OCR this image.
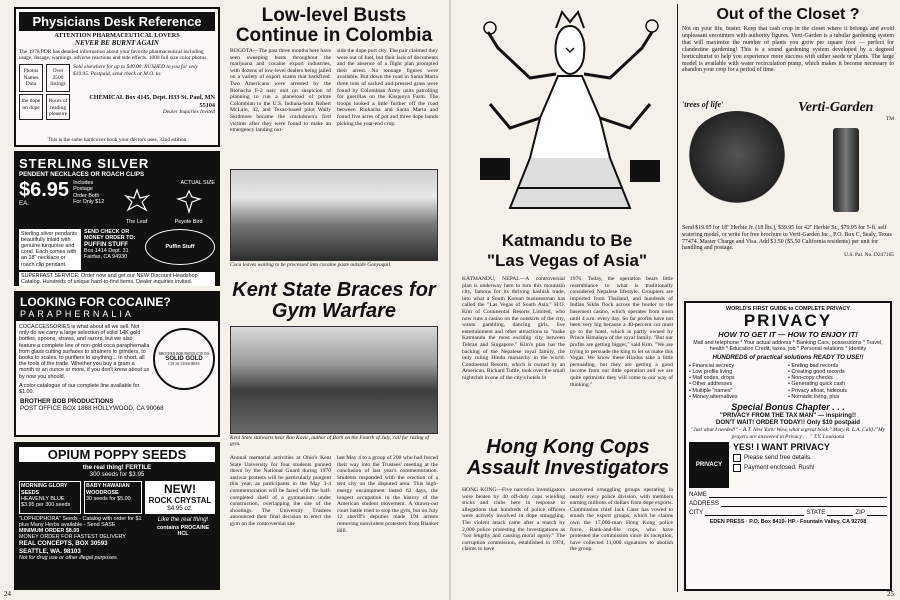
Physicians Desk Reference
ATTENTION PHARMACEUTICAL LOVERS
NEVER BE BURNT AGAIN
The 1978 PDR has detailed information about your favorite pharmaceutical including usage, dosage, warnings, adverse reactions and side effects. 1000 full size color photos.
Photos Names Data
Over 2500 listings
Sold elsewhere for up to $40.00, RUSHED to you for only $19.95. Postpaid, send check or M.O. to:
the dope on dope
Hours of reading pleasure
CHEMICAL Box 4145, Dept. H33 St. Paul, MN 55104
Dealer Inquiries Invited
This is the same hardcover book your doctors uses, 32nd edition
STERLING SILVER
PENDENT NECKLACES OR ROACH CLIPS
$6.95
EA.
Includes Postage Order Both For Only $12
ACTUAL SIZE
The Leaf	Peyote Bird
Sterling silver pendants beautifully inlaid with genuine turquoise and coral. Each comes with an 18" necklace or roach clip pendant.
SEND CHECK OR MONEY ORDER TO:
PUFFIN STUFF
Box 1414 Dept. 31 Fairfax, CA 94930
Puffin Stuff
SUPERFAST SERVICE: Order now and get our NEW Discount Headshop Catalog. Hundreds of unique hard-to-find items. Dealer inquiries invited.
LOOKING FOR COCAINE?
PARAPHERNALIA
COCACCESSORIES is what about all we sell. Not only do we carry a large selection of solid 14K gold bottles, spoons, straws, and razors, but we also feature a complete line of non-gold coca paraphernalia from glass cutting surfaces to strainers to grinders, to books to scales, to purifiers to anything... In short, all the tools of the trade. Whether you buy a gram a month or an ounce or more, if you don't know about us by now you should.
A color catalogue of our complete line available for $1.00.
BROTHER BOB PRODUCTIONS
SOLID GOLD
COCACCESSORIES
BROTHER BOB PRODUCTIONS
POST OFFICE BOX 1868 HOLLYWOOD, CA 90068
OPIUM POPPY SEEDS
the real thing! FERTILE
300 seeds for $3.95
MORNING GLORY SEEDS
HEAVENLY BLUE
$3.95 per 300 seeds
BABY HAWAIIAN WOODROSE
30 seeds for $5.00
NEW!
ROCK CRYSTAL
$4.95 oz.
"LOPHOPHORA" Seeds - Catalog with order for $1 plus Many Herbs available - Send SASE
MINIMUM ORDER $8.00
MONEY ORDER FOR FASTEST DELIVERY
REAL CONCEPTS, BOX 30593
SEATTLE, WA. 98103
Not for drug use or other illegal purposes.
Like the real thing!
contains PROCAINE HCL
24
Low-level Busts Continue in Colombia
BOGOTA—The past three months here have seen sweeping busts throughout the marijuana and cocaine export industries, with dozens of low-level dealers being jailed on a variety of export scams that backfired. Two Americans were arrested by the Riohacha F-2 narc unit on suspicion of planning to run a planeload of prime Colombian to the U.S. Indiana-born Robert McLain, 42, and Texas-based pilot Wally Skidmore became the crackdown's first victims after they were found to make an emergency landing out-
side the dope port city. The pair claimed they were out of fuel, but their lack of documents and the absence of a flight plan prompted their arrest. No tonnage figures were available. But down the road in Santa Marta three tons of sacked and pressed grass were found by Colombian Army units patrolling for guerillas on the Kisquoya Farm. The troops looked a little further off the road between Riohacha and Santa Marta and found five acres of pot and three dope hands picking the year-end crop.
Coca leaves waiting to be processed into cocaine paste outside Gonyoquil.
Kent State Braces for Gym Warfare
Kent State stalwarts hear Ron Kovic, author of Born on the Fourth of July, call for razing of gym.
Annual memorial activities at Ohio's Kent State University for four students gunned down by the National Guard during 1970 antiwar protests will be particularly pungent this year, as participants in the May 3-4 commemoration will be faced with the half-completed shell of a gymnasium under construction, overlapping the site of the shootings. The University Trustees announced their final decision to erect the gym on the controversial site
last May 4 to a group of 200 who had forced their way into the Trustees' meeting at the conclusion of last year's commemoration. Students responded with the erection of a tent city on the disputed area. This high-energy encampment lasted 62 days, the longest occupation in the history of the American student movement. A drawn-out court battle tried to stop the gym, but on July 12 sheriff's deputies made 194 arrests removing nonviolent protesters from Blanket Hill.
Katmandu to Be
"Las Vegas of Asia"
KATMANDU, NEPAL—A controversial plan is underway here to turn this mountain city, famous for its thriving hashish trade, into what a South Korean businessman has called the "Las Vegas of South Asia." H.O. Kim of Continental Resorts Limited, who now runs a casino on the outskirts of the city, wants gambling, dancing girls, live entertainment and other attractions to "make Katmandu the most exciting city between Tehran and Singapore." Kim's plan has the backing of the Nepalese royal family, the only ruling Hindu monarchy in the world. Continental Resorts, which is owned by an American, Richard Tuttle, took over the small nightclub in one of the city's hotels in
1976. Today, the operation bears little resemblance to what is traditionally considered Nepalese lifestyle. Croupiers are imported from Thailand, and hundreds of Indian Sikhs flock across the border to the basement casino, which operates from noon until 4 a.m. every day. So far profits have not been very big because a 40-percent cut must go to the hotel, which is partly owned by Prince Himalaya of the royal family. "But our profits are getting bigger," said Kim. "We are trying to persuade the king to let us make this Vegas. We know these Hindus take a little persuading, but they are getting a good income from our little operation and we are quite optimistic they will come to our way of thinking."
Hong Kong Cops Assault Investigators
HONG KONG—Five narcotics investigators were beaten by 40 off-duty cops wielding sticks and clubs here in response to allegations that hundreds of police officers were actively involved in dope smuggling. The violent attack came after a march by 2,000 police protesting the investigations as "too lengthy and causing moral agony." The corruption commission, established in 1974, claims to have
uncovered smuggling groups operating in nearly every police division, with members earning millions of dollars from dope exports. Commission chief Jack Cater has vowed to smash the export groups, which he claims own the 17,000-man Hong Kong police force. Rank-and-file cops, who have protested the commission since its inception, have collected 11,000 signatures to abolish the group.
Out of the Closet ?
Not on your life, buster. Keep that cash crop in the closet where it belongs and avoid unpleasant encounters with authority figures. Verti-Garden is a tubular gardening system that will maximize the number of plants you grow per square foot — perfect for clandestine gardening! This is a sound gardening system developed by a degreed horticulturist to help you experience more success with either seeds or plants. The large model is available with water recirculation pump, which makes it become necessary to abandon your crop for a period of time.
'trees of life'	Verti-Garden
TM
Send $19.95 for 18" Herbie Jr. (18 lbs.), $39.95 for 42" Herbie Sr., $79.95 for 5-ft. self watering model, or write for free brochure to Verti-Garden Inc., P.O. Box C, Sealy, Texas 77474. Master Charge and Visa. Add $3.50 ($5.50 California residents) per unit for handling and postage.
U.S. Pat. No. D247165
WORLD'S FIRST GUIDE to COMPLETE PRIVACY
PRIVACY
HOW TO GET IT — HOW TO ENJOY IT!
Mail and telephone * Your actual address * Banking Cars, possessions * Travel, health * Education Credit, taxes, job * Personal relations * Identity
HUNDREDS of practical solutions READY TO USE!!
• Financial secrecy
• Low profile living
• Mail codes, drops
• Other addresses
• Multiple "names"
• Money alternatives
• Ending bad records
• Creating good records
• Non-copy checks
• Generating quick cash
• Privacy afloat, hideouts
• Nomadic living, plus
Special Bonus Chapter . . .
"PRIVACY FROM THE TAX MAN" — inspiring!!
DON'T WAIT! ORDER TODAY!! Only $10 postpaid
"Just what I needed!" – R.T. New York/ Wow, what a great book." Mary R. L.A. Calif./"My prayers are answered in Privacy . . ." T.Y. Louisiana
PRIVACY
YES! I WANT PRIVACY
Please send free details.
Payment enclosed. Rush!
NAME
ADDRESS
CITY	STATE	ZIP
EDEN PRESS · P.O. Box 8410- HP · Fountain Valley, CA 92708
25
